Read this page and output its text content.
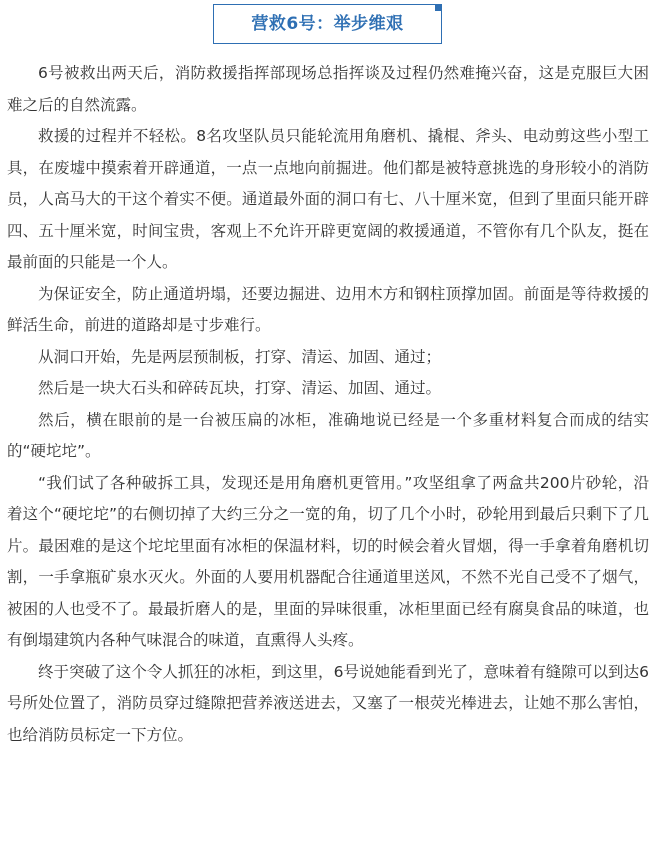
营救6号：举步维艰

6号被救出两天后，消防救援指挥部现场总指挥谈及过程仍然难掩兴奋，这是克服巨大困难之后的自然流露。

救援的过程并不轻松。8名攻坚队员只能轮流用角磨机、撬棍、斧头、电动剪这些小型工具，在废墟中摸索着开辟通道，一点一点地向前掘进。他们都是被特意挑选的身形较小的消防员，人高马大的干这个着实不便。通道最外面的洞口有七、八十厘米宽，但到了里面只能开辟四、五十厘米宽，时间宝贵，客观上不允许开辟更宽阔的救援通道，不管你有几个队友，挺在最前面的只能是一个人。

为保证安全，防止通道坍塌，还要边掘进、边用木方和钢柱顶撑加固。前面是等待救援的鲜活生命，前进的道路却是寸步难行。

从洞口开始，先是两层预制板，打穿、清运、加固、通过；

然后是一块大石头和碎砖瓦块，打穿、清运、加固、通过。

然后，横在眼前的是一台被压扁的冰柜，准确地说已经是一个多重材料复合而成的结实的“硬坨坨”。

“我们试了各种破拆工具，发现还是用角磨机更管用。”攻坚组拿了两盒共200片砂轮，沿着这个“硬坨坨”的右侧切掉了大约三分之一宽的角，切了几个小时，砂轮用到最后只剩下了几片。最困难的是这个坨坨里面有冰柜的保温材料，切的时候会着火冒烟，得一手拿着角磨机切割，一手拿瓶矿泉水灭火。外面的人要用机器配合往通道里送风，不然不光自己受不了烟气，被困的人也受不了。最最折磨人的是，里面的异味很重，冰柜里面已经有腐臭食品的味道，也有倒塌建筑内各种气味混合的味道，直熏得人头疼。

终于突破了这个令人抓狂的冰柜，到这里，6号说她能看到光了，意味着有缝隙可以到达6号所处位置了，消防员穿过缝隙把营养液送进去，又塞了一根荧光棒进去，让她不那么害怕，也给消防员标定一下方位。
